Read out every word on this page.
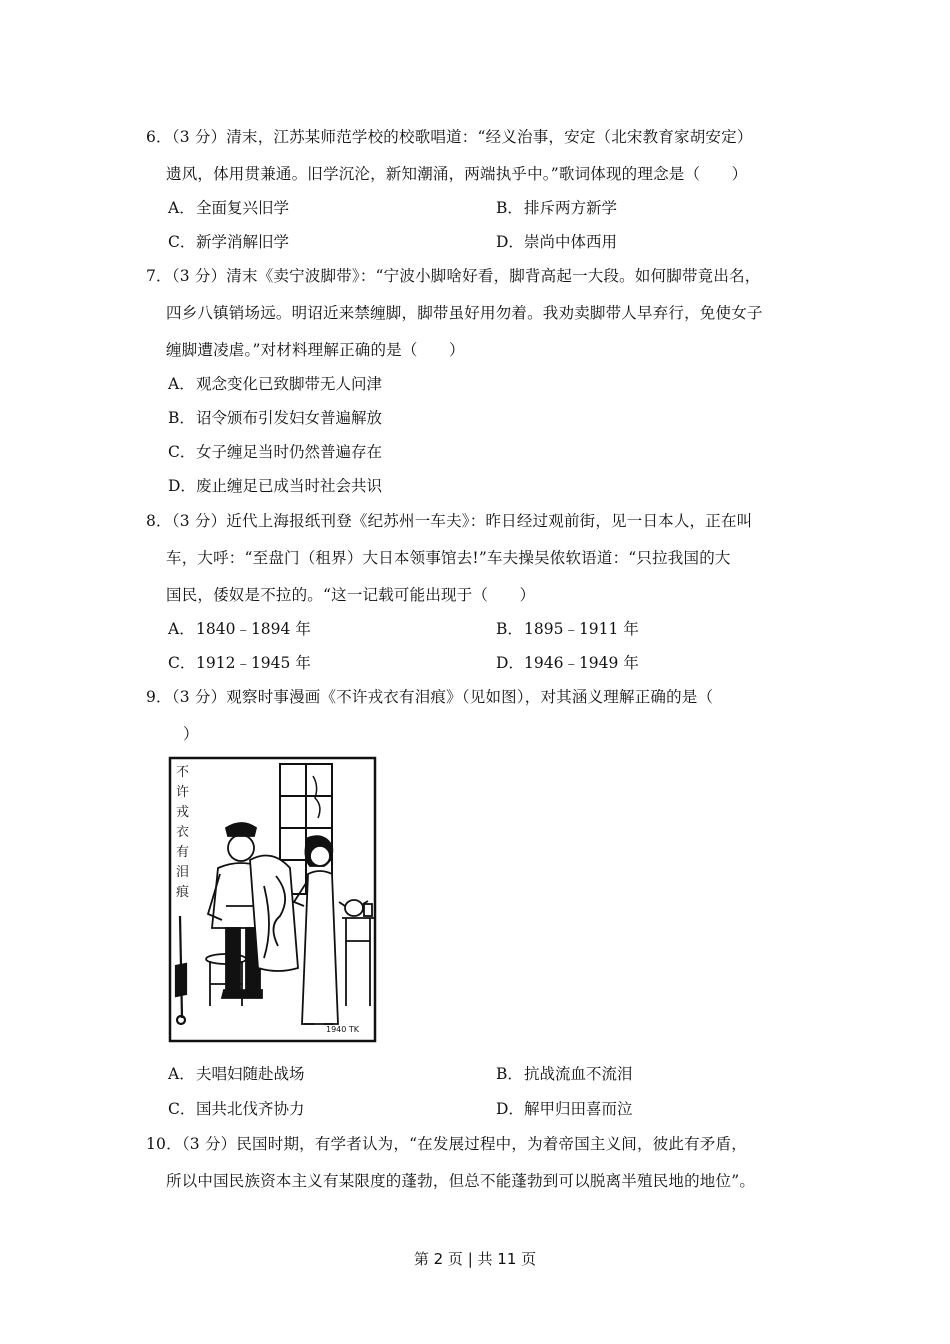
6．（3 分）清末，江苏某师范学校的校歌唱道：“经义治事，安定（北宋教育家胡安定）
遗风，体用贯兼通。旧学沉沦，新知潮涌，两端执乎中。”歌词体现的理念是（　　）
A．全面复兴旧学	B．排斥两方新学
C．新学消解旧学	D．崇尚中体西用
7．（3 分）清末《卖宁波脚带》：“宁波小脚啥好看，脚背高起一大段。如何脚带竟出名，
四乡八镇销场远。明诏近来禁缠脚，脚带虽好用勿着。我劝卖脚带人早弃行，免使女子
缠脚遭凌虐。”对材料理解正确的是（　　）
A．观念变化已致脚带无人问津
B．诏令颁布引发妇女普遍解放
C．女子缠足当时仍然普遍存在
D．废止缠足已成当时社会共识
8．（3 分）近代上海报纸刊登《纪苏州一车夫》：昨日经过观前街，见一日本人，正在叫
车，大呼：“至盘门（租界）大日本领事馆去!”车夫操吴侬软语道：“只拉我国的大
国民，倭奴是不拉的。“这一记载可能出现于（　　）
A．1840﹣1894 年	B．1895﹣1911 年
C．1912﹣1945 年	D．1946﹣1949 年
9．（3 分）观察时事漫画《不许戎衣有泪痕》（见如图），对其涵义理解正确的是（
）
不
许
戎
衣
有
泪
痕
1940 TK
A．夫唱妇随赴战场	B．抗战流血不流泪
C．国共北伐齐协力	D．解甲归田喜而泣
10．（3 分）民国时期，有学者认为，“在发展过程中，为着帝国主义间，彼此有矛盾，
所以中国民族资本主义有某限度的蓬勃，但总不能蓬勃到可以脱离半殖民地的地位”。
第 2 页 | 共 11 页
